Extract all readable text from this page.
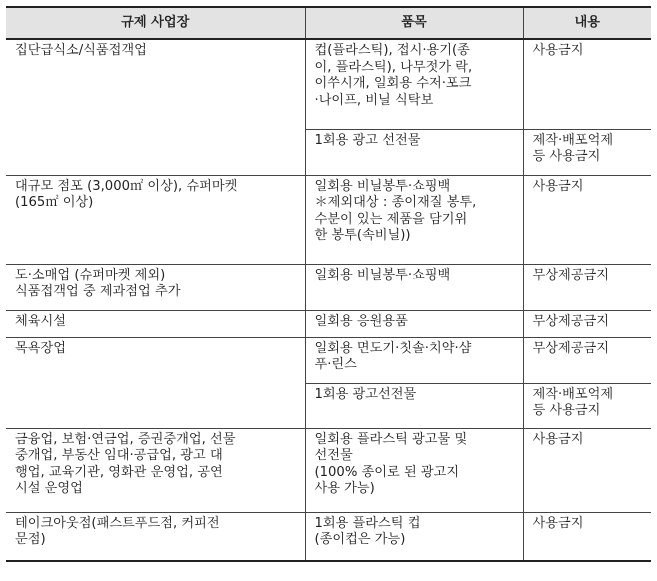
규제 사업장	품목	내용
집단급식소/식품접객업	컵(플라스틱), 접시·용기(종
이, 플라스틱), 나무젓가 락,
이쑤시개, 일회용 수저·포크
·나이프, 비닐 식탁보	사용금지
	1회용 광고 선전물	제작·배포억제
등 사용금지
대규모 점포 (3,000㎡ 이상), 슈퍼마켓
(165㎡ 이상)	일회용 비닐봉투·쇼핑백
＊제외대상 : 종이재질 봉투,
수분이 있는 제품을 담기위
한 봉투(속비닐))	사용금지
도·소매업 (슈퍼마켓 제외)
식품접객업 중 제과점업 추가	일회용 비닐봉투·쇼핑백	무상제공금지
체육시설	일회용 응원용품	무상제공금지
목욕장업	일회용 면도기·칫솔·치약·샴
푸·린스	무상제공금지
	1회용 광고선전물	제작·배포억제
등 사용금지
금융업, 보험·연금업, 증권중개업, 선물
중개업, 부동산 임대·공급업, 광고 대
행업, 교육기관, 영화관 운영업, 공연
시설 운영업	일회용 플라스틱 광고물 및
선전물
(100% 종이로 된 광고지
사용 가능)	사용금지
테이크아웃점(패스트푸드점, 커피전
문점)	1회용 플라스틱 컵
(종이컵은 가능)	사용금지
